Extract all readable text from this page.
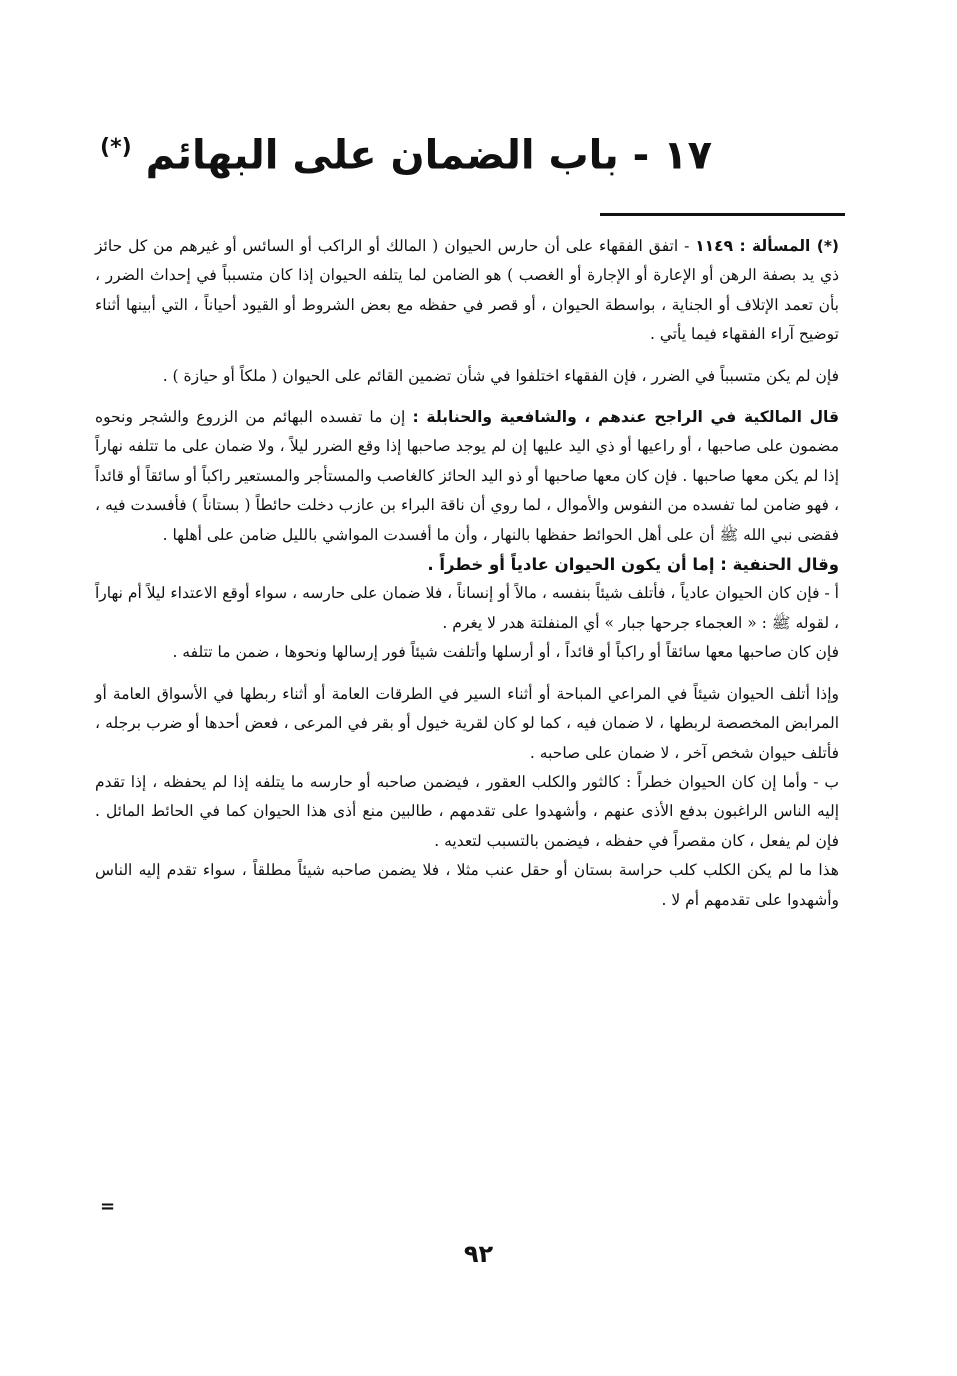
١٧ - باب الضمان على البهائم (*)

(*) المسألة : ١١٤٩ - اتفق الفقهاء على أن حارس الحيوان ( المالك أو الراكب أو السائس أو غيرهم من كل حائز ذي يد بصفة الرهن أو الإعارة أو الإجارة أو الغصب ) هو الضامن لما يتلفه الحيوان إذا كان متسبباً في إحداث الضرر ، بأن تعمد الإتلاف أو الجناية ، بواسطة الحيوان ، أو قصر في حفظه مع بعض الشروط أو القيود أحياناً ، التي أبينها أثناء توضيح آراء الفقهاء فيما يأتي .

فإن لم يكن متسبباً في الضرر ، فإن الفقهاء اختلفوا في شأن تضمين القائم على الحيوان ( ملكاً أو حيازة ) .

قال المالكية في الراجح عندهم ، والشافعية والحنابلة : إن ما تفسده البهائم من الزروع والشجر ونحوه مضمون على صاحبها ، أو راعيها أو ذي اليد عليها إن لم يوجد صاحبها إذا وقع الضرر ليلاً ، ولا ضمان على ما تتلفه نهاراً إذا لم يكن معها صاحبها . فإن كان معها صاحبها أو ذو اليد الحائز كالغاصب والمستأجر والمستعير راكباً أو سائقاً أو قائداً ، فهو ضامن لما تفسده من النفوس والأموال ، لما روي أن ناقة البراء بن عازب دخلت حائطاً ( بستاناً ) فأفسدت فيه ، فقضى نبي الله ﷺ أن على أهل الحوائط حفظها بالنهار ، وأن ما أفسدت المواشي بالليل ضامن على أهلها .

وقال الحنفية : إما أن يكون الحيوان عادياً أو خطراً .

أ - فإن كان الحيوان عادياً ، فأتلف شيئاً بنفسه ، مالاً أو إنساناً ، فلا ضمان على حارسه ، سواء أوقع الاعتداء ليلاً أم نهاراً ، لقوله ﷺ : « العجماء جرحها جبار » أي المنفلتة هدر لا يغرم .

فإن كان صاحبها معها سائقاً أو راكباً أو قائداً ، أو أرسلها وأتلفت شيئاً فور إرسالها ونحوها ، ضمن ما تتلفه .

وإذا أتلف الحيوان شيئاً في المراعي المباحة أو أثناء السير في الطرقات العامة أو أثناء ربطها في الأسواق العامة أو المرابض المخصصة لربطها ، لا ضمان فيه ، كما لو كان لقرية خيول أو بقر في المرعى ، فعض أحدها أو ضرب برجله ، فأتلف حيوان شخص آخر ، لا ضمان على صاحبه .

ب - وأما إن كان الحيوان خطراً : كالثور والكلب العقور ، فيضمن صاحبه أو حارسه ما يتلفه إذا لم يحفظه ، إذا تقدم إليه الناس الراغبون بدفع الأذى عنهم ، وأشهدوا على تقدمهم ، طالبين منع أذى هذا الحيوان كما في الحائط المائل . فإن لم يفعل ، كان مقصراً في حفظه ، فيضمن بالتسبب لتعديه .

هذا ما لم يكن الكلب كلب حراسة بستان أو حقل عنب مثلا ، فلا يضمن صاحبه شيئاً مطلقاً ، سواء تقدم إليه الناس وأشهدوا على تقدمهم أم لا .

=
٩٢
